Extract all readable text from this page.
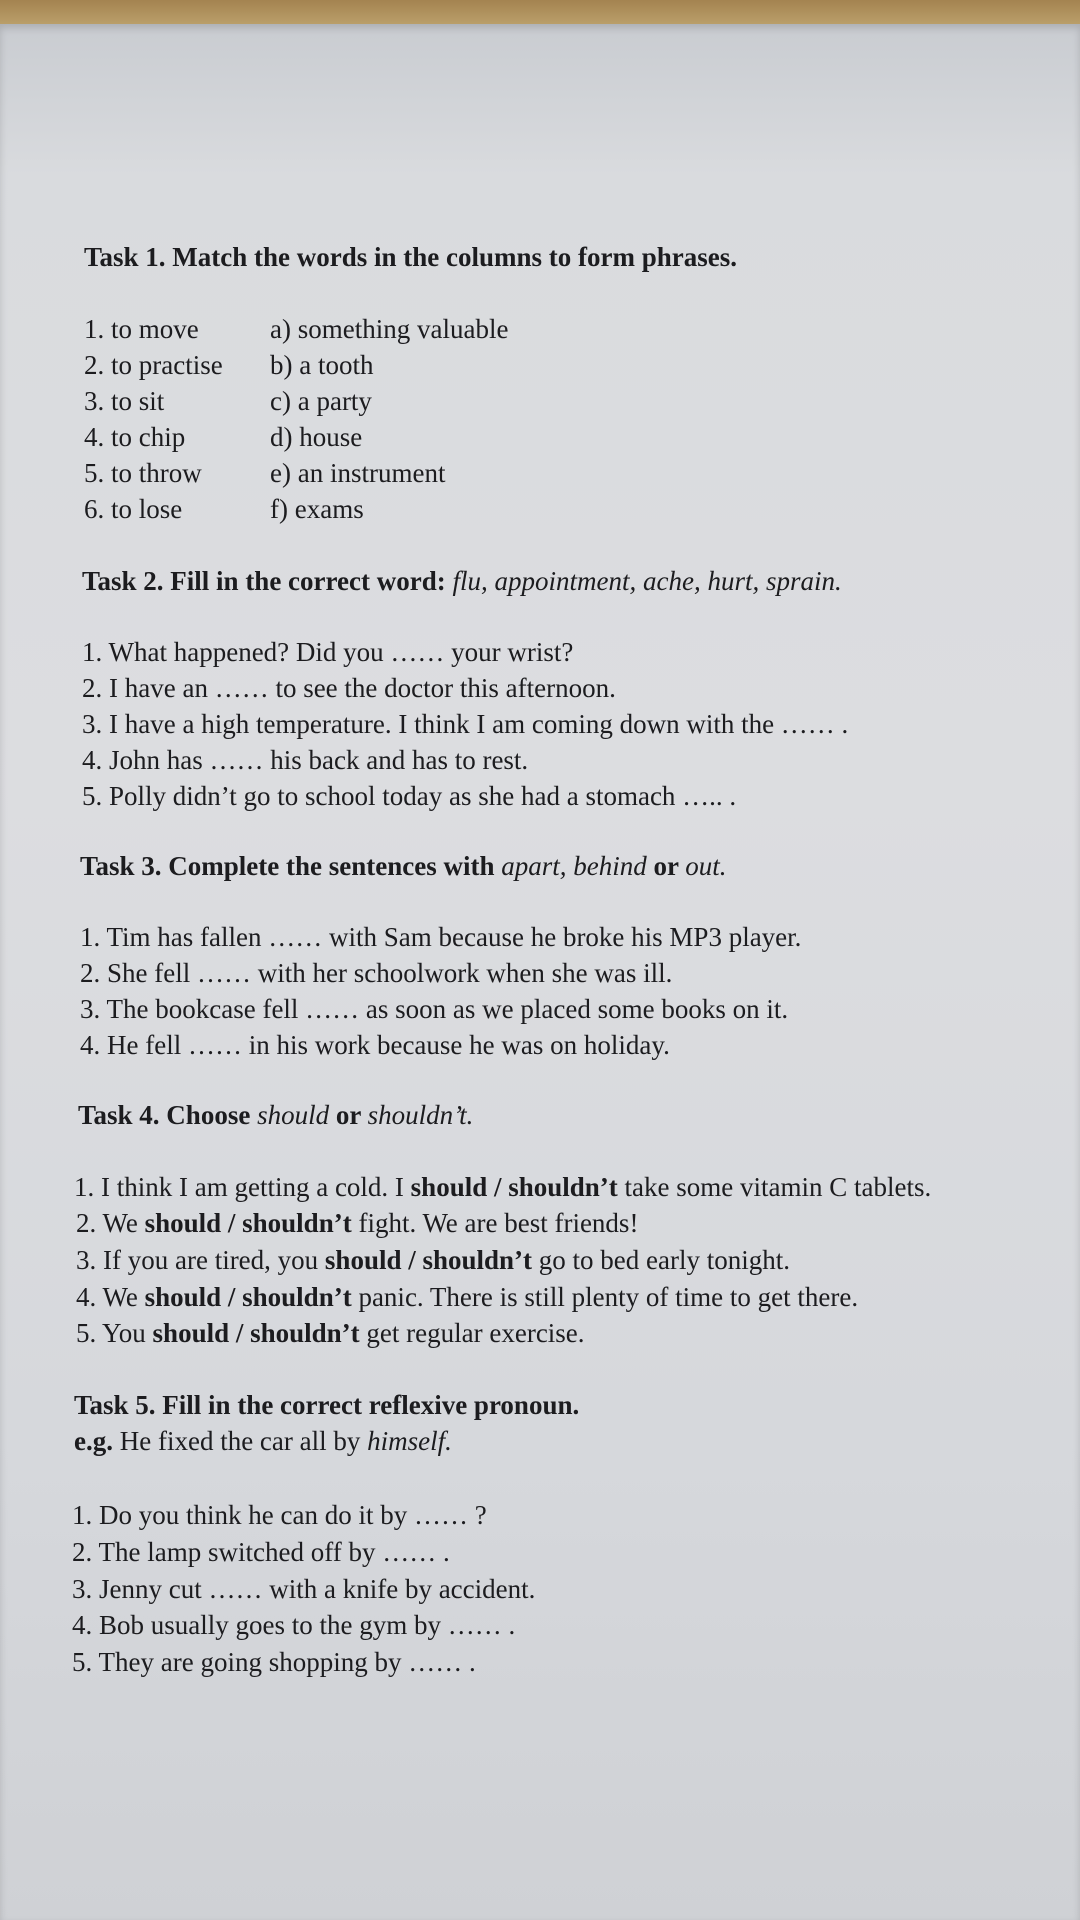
Task 1. Match the words in the columns to form phrases.
1. to move
2. to practise
3. to sit
4. to chip
5. to throw
6. to lose
a) something valuable
b) a tooth
c) a party
d) house
e) an instrument
f) exams
Task 2. Fill in the correct word: flu, appointment, ache, hurt, sprain.
1. What happened? Did you …… your wrist?
2. I have an …… to see the doctor this afternoon.
3. I have a high temperature. I think I am coming down with the …… .
4. John has …… his back and has to rest.
5. Polly didn’t go to school today as she had a stomach ….. .
Task 3. Complete the sentences with apart, behind or out.
1. Tim has fallen …… with Sam because he broke his MP3 player.
2. She fell …… with her schoolwork when she was ill.
3. The bookcase fell …… as soon as we placed some books on it.
4. He fell …… in his work because he was on holiday.
Task 4. Choose should or shouldn’t.
1. I think I am getting a cold. I should / shouldn’t take some vitamin C tablets.
2. We should / shouldn’t fight. We are best friends!
3. If you are tired, you should / shouldn’t go to bed early tonight.
4. We should / shouldn’t panic. There is still plenty of time to get there.
5. You should / shouldn’t get regular exercise.
Task 5. Fill in the correct reflexive pronoun.
e.g. He fixed the car all by himself.
1. Do you think he can do it by …… ?
2. The lamp switched off by …… .
3. Jenny cut …… with a knife by accident.
4. Bob usually goes to the gym by …… .
5. They are going shopping by …… .
